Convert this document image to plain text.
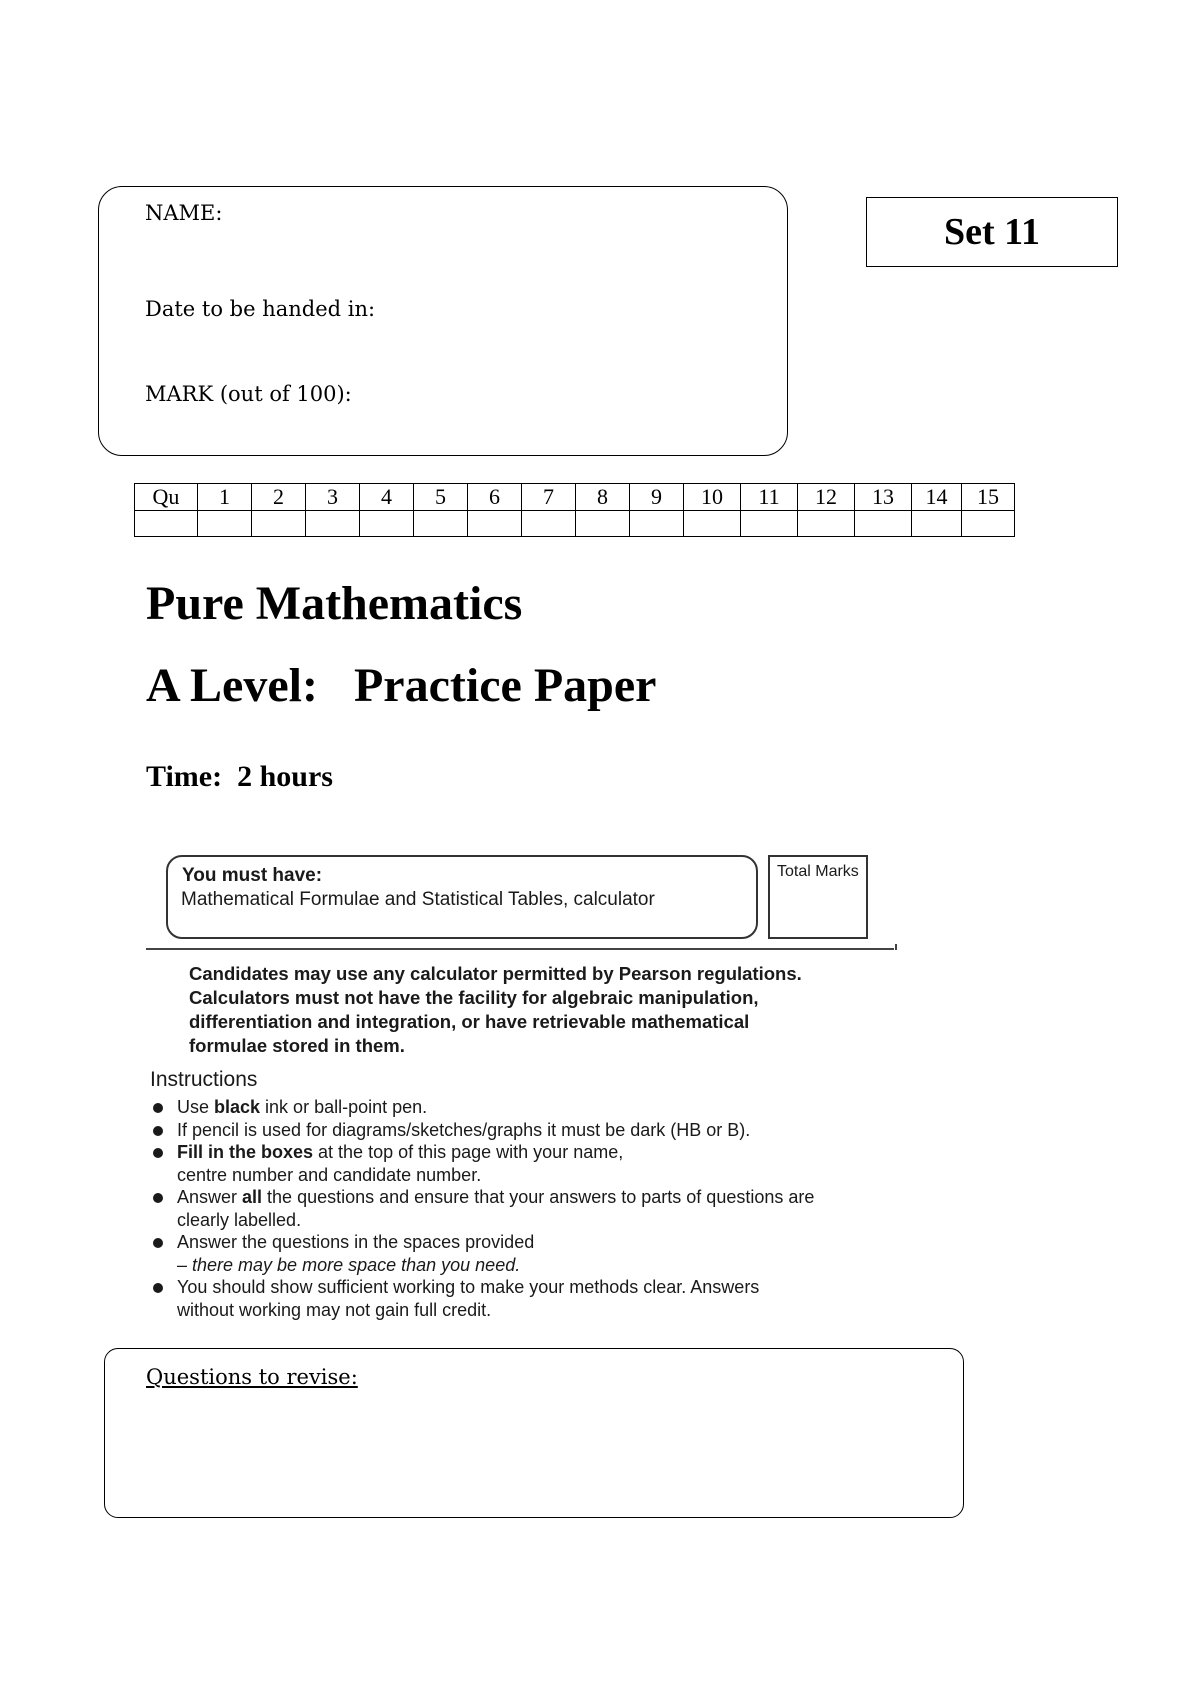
NAME:
Date to be handed in:
MARK (out of 100):
Set 11
Qu	1	2	3	4	5	6	7	8	9	10	11	12	13	14	15

Pure Mathematics
A Level:   Practice Paper
Time:  2 hours
You must have:
Mathematical Formulae and Statistical Tables, calculator
Total Marks
Candidates may use any calculator permitted by Pearson regulations.
Calculators must not have the facility for algebraic manipulation,
differentiation and integration, or have retrievable mathematical
formulae stored in them.
Instructions
Use black ink or ball-point pen.
If pencil is used for diagrams/sketches/graphs it must be dark (HB or B).
Fill in the boxes at the top of this page with your name,
centre number and candidate number.
Answer all the questions and ensure that your answers to parts of questions are
clearly labelled.
Answer the questions in the spaces provided
– there may be more space than you need.
You should show sufficient working to make your methods clear. Answers
without working may not gain full credit.
Questions to revise:
